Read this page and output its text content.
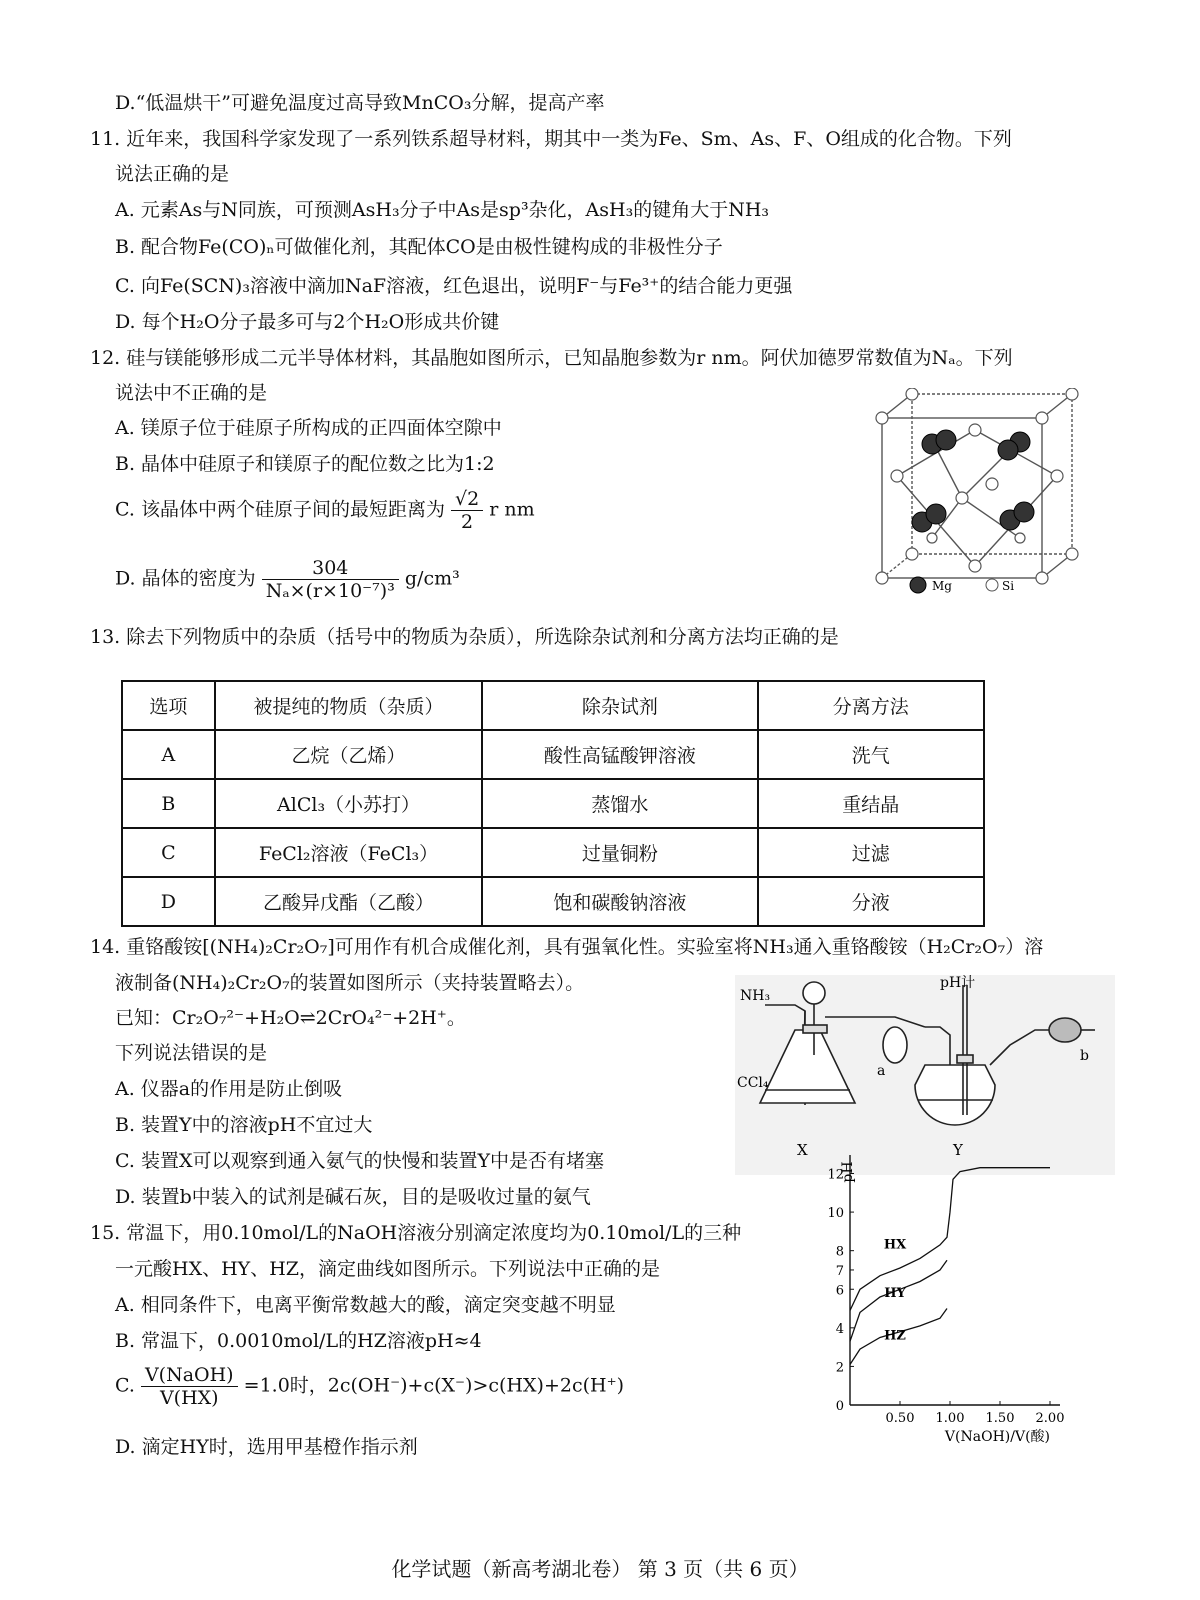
D.“低温烘干”可避免温度过高导致MnCO₃分解，提高产率
11. 近年来，我国科学家发现了一系列铁系超导材料，期其中一类为Fe、Sm、As、F、O组成的化合物。下列
说法正确的是
A. 元素As与N同族，可预测AsH₃分子中As是sp³杂化，AsH₃的键角大于NH₃
B. 配合物Fe(CO)ₙ可做催化剂，其配体CO是由极性键构成的非极性分子
C. 向Fe(SCN)₃溶液中滴加NaF溶液，红色退出，说明F⁻与Fe³⁺的结合能力更强
D. 每个H₂O分子最多可与2个H₂O形成共价键
12. 硅与镁能够形成二元半导体材料，其晶胞如图所示，已知晶胞参数为r nm。阿伏加德罗常数值为Nₐ。下列
说法中不正确的是
A. 镁原子位于硅原子所构成的正四面体空隙中
B. 晶体中硅原子和镁原子的配位数之比为1:2
C. 该晶体中两个硅原子间的最短距离为 $\frac{√2}{2}$ r nm
D. 晶体的密度为 $\frac{304}{\text{Nₐ×(r×10⁻⁷)³}} g/cm^3$	Mg	Si
13. 除去下列物质中的杂质（括号中的物质为杂质），所选除杂试剂和分离方法均正确的是
选项	被提纯的物质（杂质）	除杂试剂	分离方法
A	乙烷（乙烯）	酸性高锰酸钾溶液	洗气
B	AlCl₃（小苏打）	蒸馏水	重结晶
C	FeCl₂溶液（FeCl₃）	过量铜粉	过滤
D	乙酸异戊酯（乙酸）	饱和碳酸钠溶液	分液
14. 重铬酸铵[(NH₄)₂Cr₂O₇]可用作有机合成催化剂，具有强氧化性。实验室将NH₃通入重铬酸铵（H₂Cr₂O₇）溶
液制备(NH₄)₂Cr₂O₇的装置如图所示（夹持装置略去）。
已知：Cr₂O₇²⁻+H₂O⇌2CrO₄²⁻+2H⁺。
下列说法错误的是
A. 仪器a的作用是防止倒吸
B. 装置Y中的溶液pH不宜过大
C. 装置X可以观察到通入氨气的快慢和装置Y中是否有堵塞
D. 装置b中装入的试剂是碱石灰，目的是吸收过量的氨气
NH₃
pH计
CCl₄
a
b
X	Y
15. 常温下，用0.10mol/L的NaOH溶液分别滴定浓度均为0.10mol/L的三种
一元酸HX、HY、HZ，滴定曲线如图所示。下列说法中正确的是
A. 相同条件下，电离平衡常数越大的酸，滴定突变越不明显
B. 常温下，0.0010mol/L的HZ溶液pH≈4
C. $\frac{\text{V(NaOH)}}{V(HX)} =1.0$时，2c(OH⁻)+c(X⁻)>c(HX)+2c(H⁺)
D. 滴定HY时，选用甲基橙作指示剂
0
2
4
6
7
8
10
12
0.50 1.00 1.50 2.00
pH
V(NaOH)/V(酸)
HX
HY
HZ
化学试题（新高考湖北卷） 第 3 页（共 6 页）
